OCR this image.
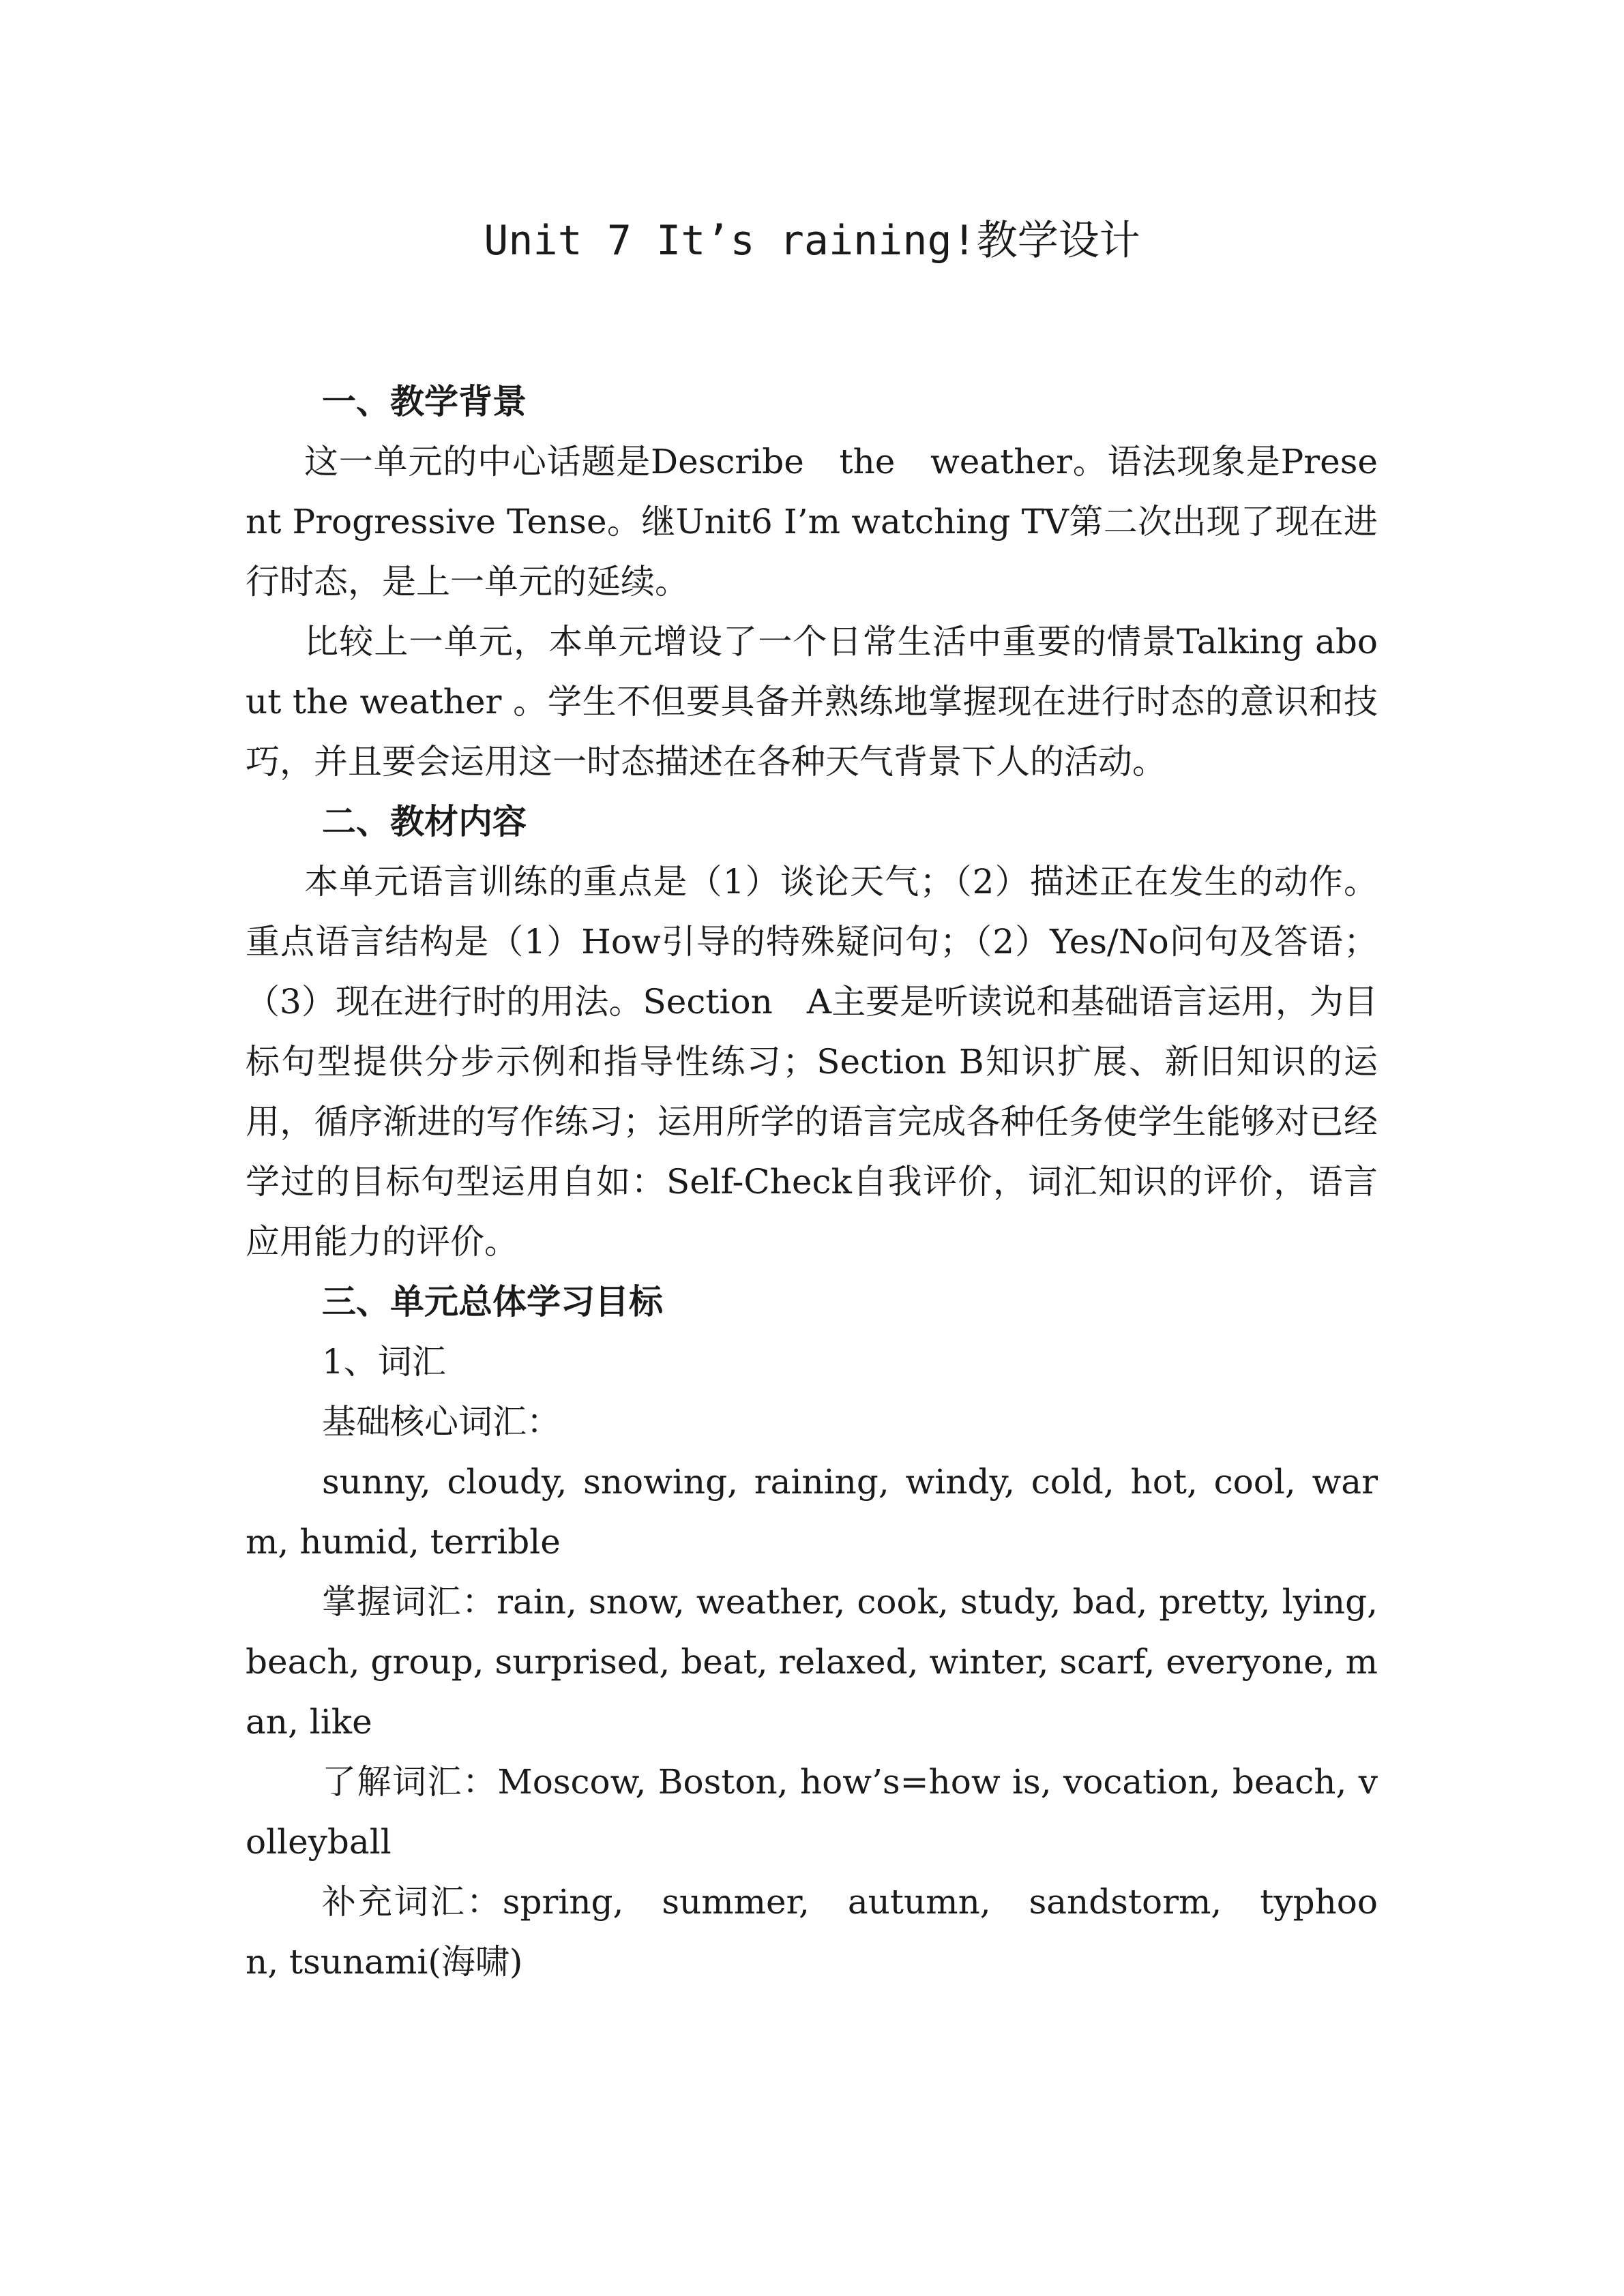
Unit 7 It’s raining!教学设计

一、教学背景

这一单元的中心话题是Describe　the　weather。语法现象是Present Progressive Tense。继Unit6 I’m watching TV第二次出现了现在进行时态，是上一单元的延续。

比较上一单元，本单元增设了一个日常生活中重要的情景Talking about the weather 。学生不但要具备并熟练地掌握现在进行时态的意识和技巧，并且要会运用这一时态描述在各种天气背景下人的活动。

二、教材内容

本单元语言训练的重点是（1）谈论天气；（2）描述正在发生的动作。重点语言结构是（1）How引导的特殊疑问句；（2）Yes/No问句及答语；（3）现在进行时的用法。Section　A主要是听读说和基础语言运用，为目标句型提供分步示例和指导性练习；Section B知识扩展、新旧知识的运用，循序渐进的写作练习；运用所学的语言完成各种任务使学生能够对已经学过的目标句型运用自如：Self-Check自我评价，词汇知识的评价，语言应用能力的评价。

三、单元总体学习目标

1、词汇

基础核心词汇：

sunny, cloudy, snowing, raining, windy, cold, hot, cool, warm, humid, terrible

掌握词汇：rain, snow, weather, cook, study, bad, pretty, lying, beach, group, surprised, beat, relaxed, winter, scarf, everyone, man, like

了解词汇：Moscow, Boston, how’s=how is, vocation, beach, volleyball

补充词汇：spring,　summer,　autumn,　sandstorm,　typhoon, tsunami(海啸)
